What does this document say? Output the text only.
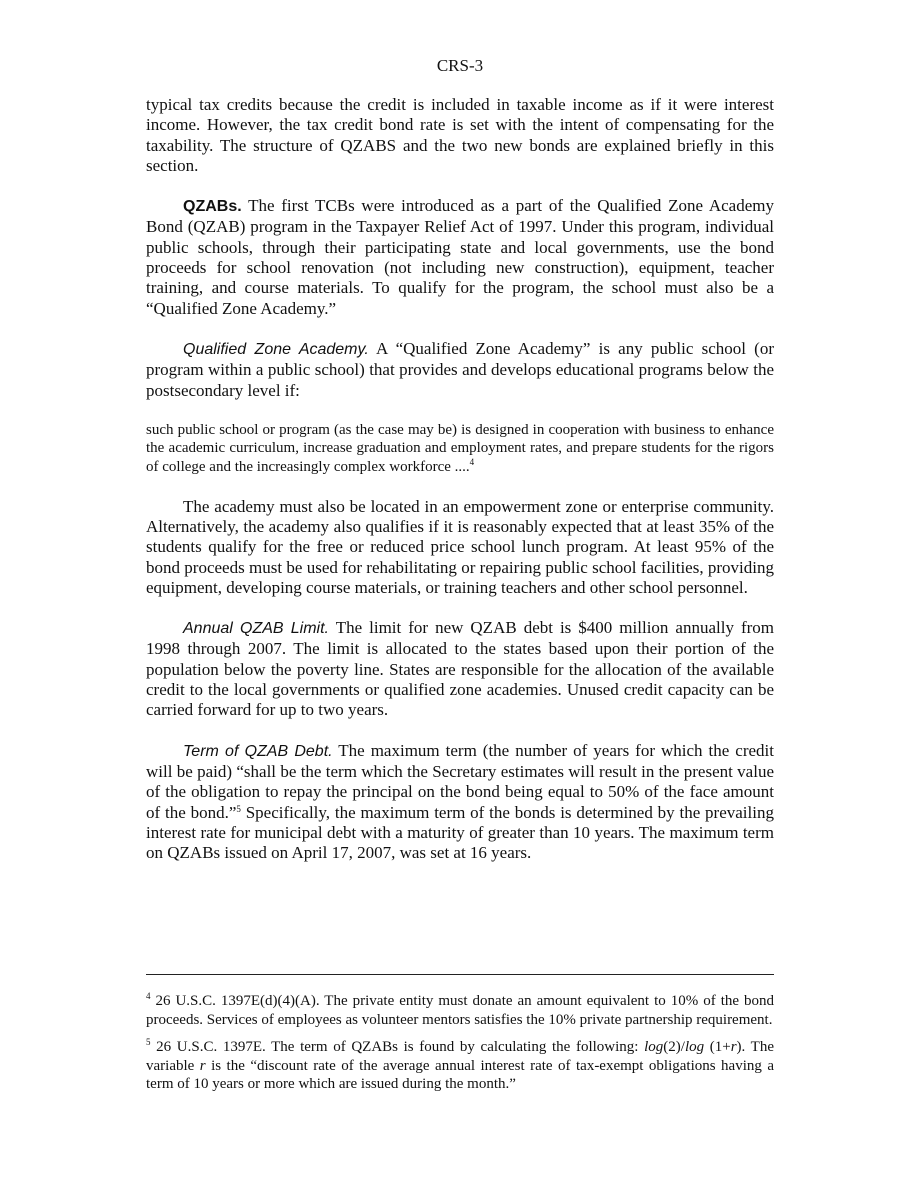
CRS-3

typical tax credits because the credit is included in taxable income as if it were interest income. However, the tax credit bond rate is set with the intent of compensating for the taxability. The structure of QZABS and the two new bonds are explained briefly in this section.

QZABs. The first TCBs were introduced as a part of the Qualified Zone Academy Bond (QZAB) program in the Taxpayer Relief Act of 1997. Under this program, individual public schools, through their participating state and local governments, use the bond proceeds for school renovation (not including new construction), equipment, teacher training, and course materials. To qualify for the program, the school must also be a “Qualified Zone Academy.”

Qualified Zone Academy. A “Qualified Zone Academy” is any public school (or program within a public school) that provides and develops educational programs below the postsecondary level if:

such public school or program (as the case may be) is designed in cooperation with business to enhance the academic curriculum, increase graduation and employment rates, and prepare students for the rigors of college and the increasingly complex workforce ....$^4$

The academy must also be located in an empowerment zone or enterprise community. Alternatively, the academy also qualifies if it is reasonably expected that at least 35% of the students qualify for the free or reduced price school lunch program. At least 95% of the bond proceeds must be used for rehabilitating or repairing public school facilities, providing equipment, developing course materials, or training teachers and other school personnel.

Annual QZAB Limit. The limit for new QZAB debt is $400 million annually from 1998 through 2007. The limit is allocated to the states based upon their portion of the population below the poverty line. States are responsible for the allocation of the available credit to the local governments or qualified zone academies. Unused credit capacity can be carried forward for up to two years.

Term of QZAB Debt. The maximum term (the number of years for which the credit will be paid) “shall be the term which the Secretary estimates will result in the present value of the obligation to repay the principal on the bond being equal to 50% of the face amount of the bond.”$^5$ Specifically, the maximum term of the bonds is determined by the prevailing interest rate for municipal debt with a maturity of greater than 10 years. The maximum term on QZABs issued on April 17, 2007, was set at 16 years.

$^4$ 26 U.S.C. 1397E(d)(4)(A). The private entity must donate an amount equivalent to 10% of the bond proceeds. Services of employees as volunteer mentors satisfies the 10% private partnership requirement.

$^5$ 26 U.S.C. 1397E. The term of QZABs is found by calculating the following: log(2)/log (1+r). The variable r is the “discount rate of the average annual interest rate of tax-exempt obligations having a term of 10 years or more which are issued during the month.”
